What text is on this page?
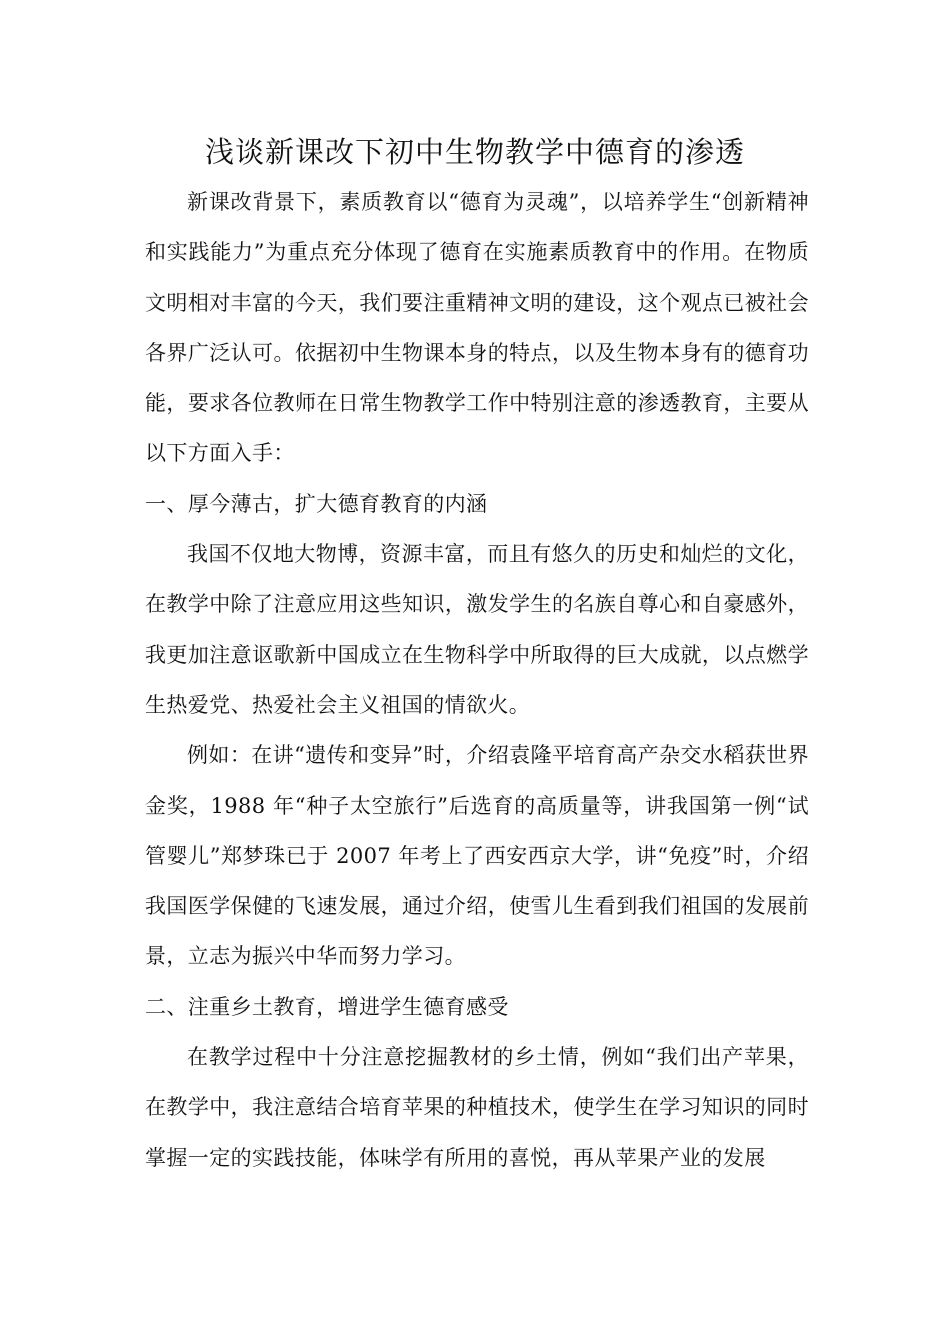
浅谈新课改下初中生物教学中德育的渗透

新课改背景下，素质教育以“德育为灵魂”，以培养学生“创新精神和实践能力”为重点充分体现了德育在实施素质教育中的作用。在物质文明相对丰富的今天，我们要注重精神文明的建设，这个观点已被社会各界广泛认可。依据初中生物课本身的特点，以及生物本身有的德育功能，要求各位教师在日常生物教学工作中特别注意的渗透教育，主要从以下方面入手：

一、厚今薄古，扩大德育教育的内涵

我国不仅地大物博，资源丰富，而且有悠久的历史和灿烂的文化，在教学中除了注意应用这些知识，激发学生的名族自尊心和自豪感外，我更加注意讴歌新中国成立在生物科学中所取得的巨大成就，以点燃学生热爱党、热爱社会主义祖国的情欲火。

例如：在讲“遗传和变异”时，介绍袁隆平培育高产杂交水稻获世界金奖，1988 年“种子太空旅行”后选育的高质量等，讲我国第一例“试管婴儿”郑梦珠已于 2007 年考上了西安西京大学，讲“免疫”时，介绍我国医学保健的飞速发展，通过介绍，使雪儿生看到我们祖国的发展前景，立志为振兴中华而努力学习。

二、注重乡土教育，增进学生德育感受

在教学过程中十分注意挖掘教材的乡土情，例如“我们出产苹果，在教学中，我注意结合培育苹果的种植技术，使学生在学习知识的同时掌握一定的实践技能，体味学有所用的喜悦，再从苹果产业的发展
